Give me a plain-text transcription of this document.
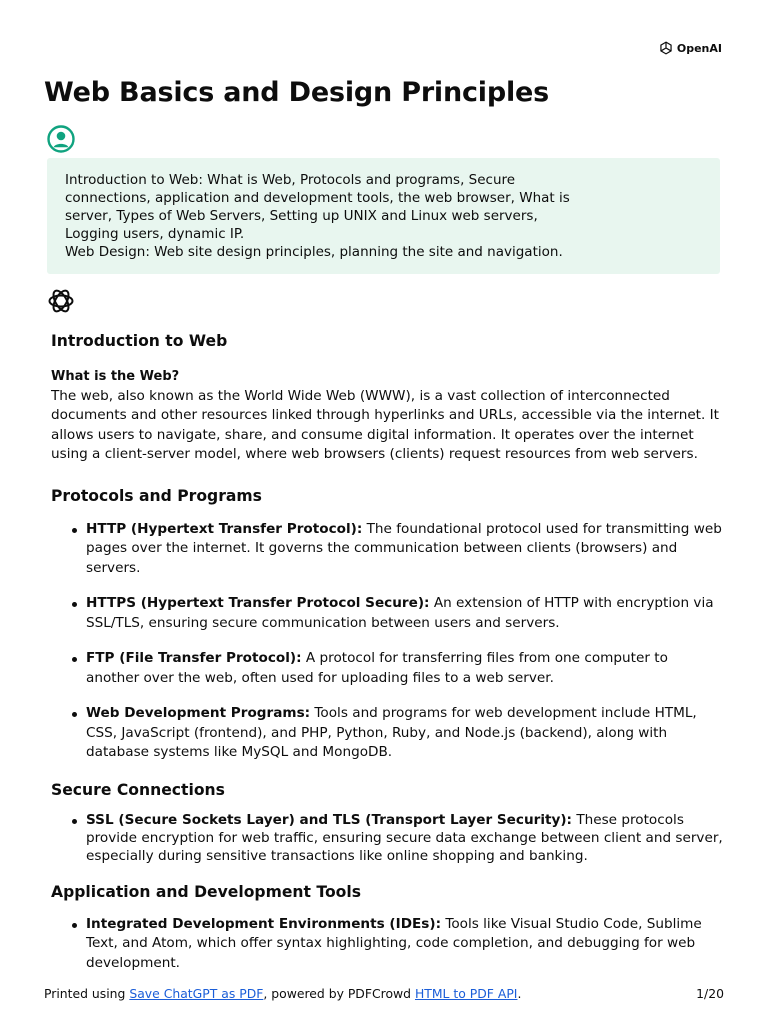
OpenAI
Web Basics and Design Principles
Introduction to Web: What is Web, Protocols and programs, Secure
connections, application and development tools, the web browser, What is
server, Types of Web Servers, Setting up UNIX and Linux web servers,
Logging users, dynamic IP.
Web Design: Web site design principles, planning the site and navigation.
Introduction to Web
What is the Web?

The web, also known as the World Wide Web (WWW), is a vast collection of interconnected documents and other resources linked through hyperlinks and URLs, accessible via the internet. It allows users to navigate, share, and consume digital information. It operates over the internet using a client-server model, where web browsers (clients) request resources from web servers.

Protocols and Programs
HTTP (Hypertext Transfer Protocol): The foundational protocol used for transmitting web pages over the internet. It governs the communication between clients (browsers) and servers.
HTTPS (Hypertext Transfer Protocol Secure): An extension of HTTP with encryption via SSL/TLS, ensuring secure communication between users and servers.
FTP (File Transfer Protocol): A protocol for transferring files from one computer to another over the web, often used for uploading files to a web server.
Web Development Programs: Tools and programs for web development include HTML, CSS, JavaScript (frontend), and PHP, Python, Ruby, and Node.js (backend), along with database systems like MySQL and MongoDB.
Secure Connections
SSL (Secure Sockets Layer) and TLS (Transport Layer Security): These protocols provide encryption for web traffic, ensuring secure data exchange between client and server, especially during sensitive transactions like online shopping and banking.
Application and Development Tools
Integrated Development Environments (IDEs): Tools like Visual Studio Code, Sublime Text, and Atom, which offer syntax highlighting, code completion, and debugging for web development.
Printed using Save ChatGPT as PDF, powered by PDFCrowd HTML to PDF API.	1/20
